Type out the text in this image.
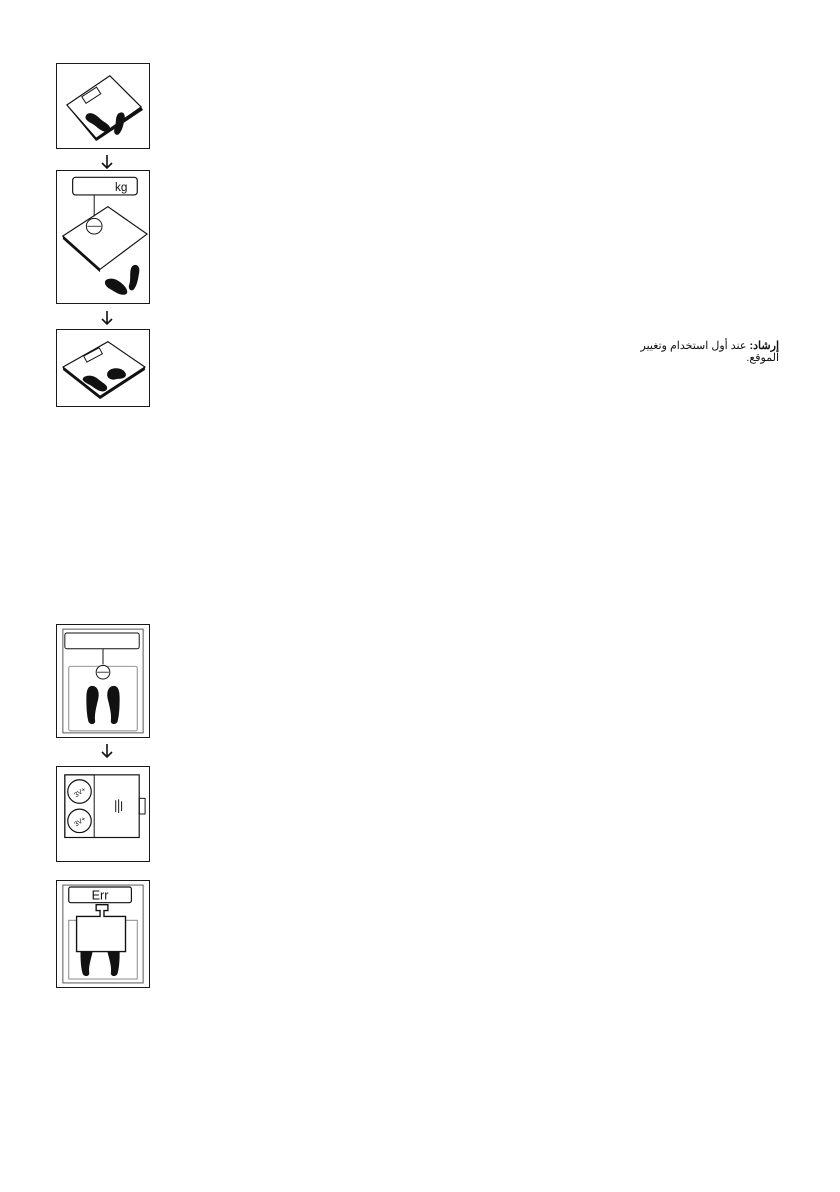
kg
إرشاد: عند أول استخدام وتغيير الموقع.
3V+
3V+
Err
